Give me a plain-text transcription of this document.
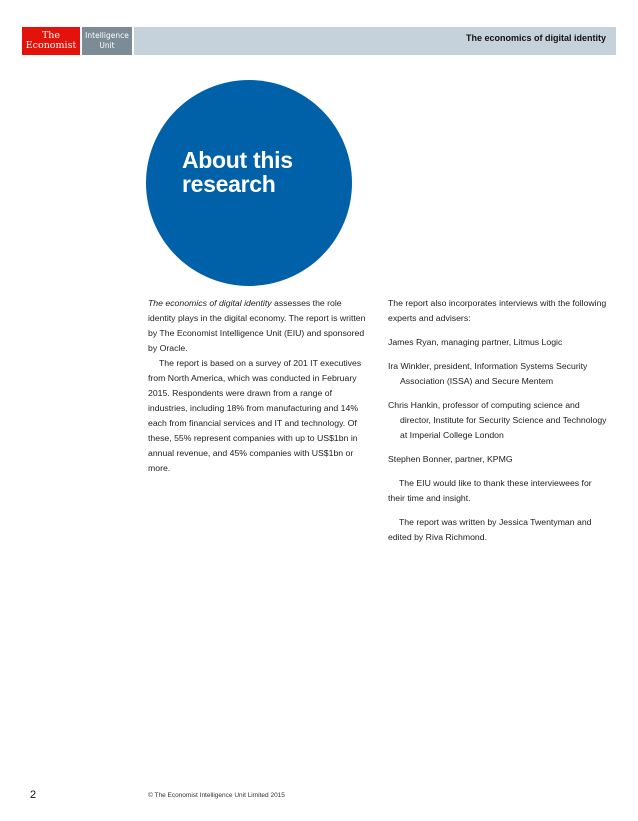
The
Economist
Intelligence
Unit
The economics of digital identity
About this
research

The economics of digital identity assesses the role identity plays in the digital economy. The report is written by The Economist Intelligence Unit (EIU) and sponsored by Oracle.

The report is based on a survey of 201 IT executives from North America, which was conducted in February 2015. Respondents were drawn from a range of industries, including 18% from manufacturing and 14% each from financial services and IT and technology. Of these, 55% represent companies with up to US$1bn in annual revenue, and 45% companies with US$1bn or more.

The report also incorporates interviews with the following experts and advisers:

James Ryan, managing partner, Litmus Logic

Ira Winkler, president, Information Systems Security Association (ISSA) and Secure Mentem

Chris Hankin, professor of computing science and director, Institute for Security Science and Technology at Imperial College London

Stephen Bonner, partner, KPMG

The EIU would like to thank these interviewees for their time and insight.

The report was written by Jessica Twentyman and edited by Riva Richmond.

2	© The Economist Intelligence Unit Limited 2015
